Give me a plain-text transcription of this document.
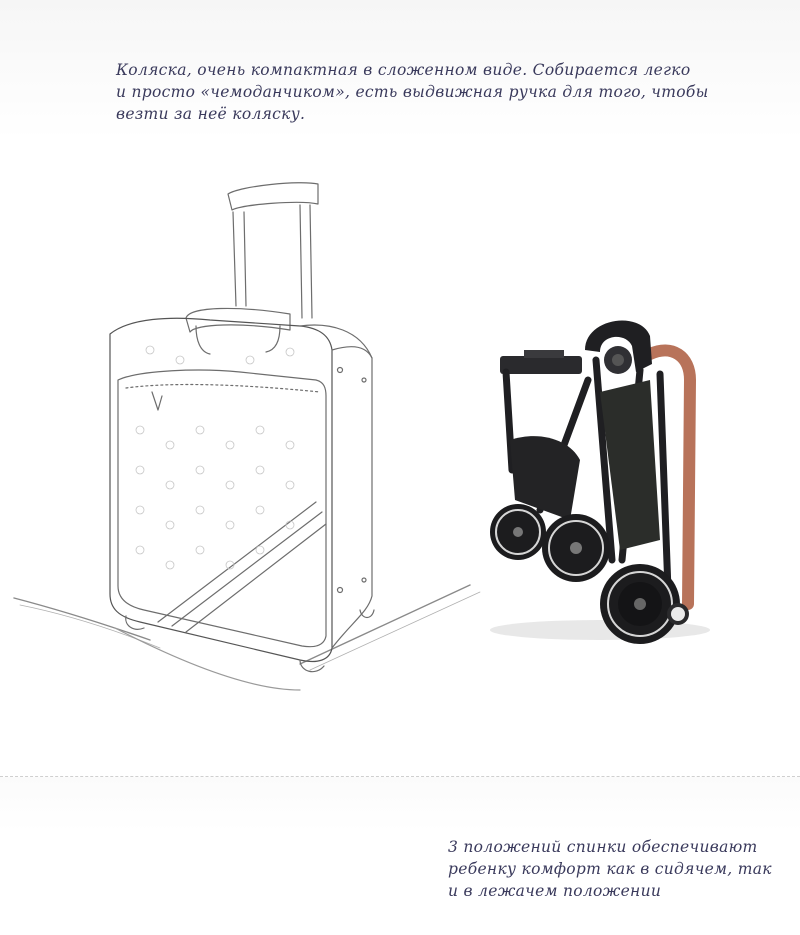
Коляска, очень компактная в сложенном виде. Собирается легко
и просто «чемоданчиком», есть выдвижная ручка для того, чтобы
везти за неё коляску.

3 положений спинки обеспечивают
ребенку комфорт как в сидячем, так
и в лежачем положении
